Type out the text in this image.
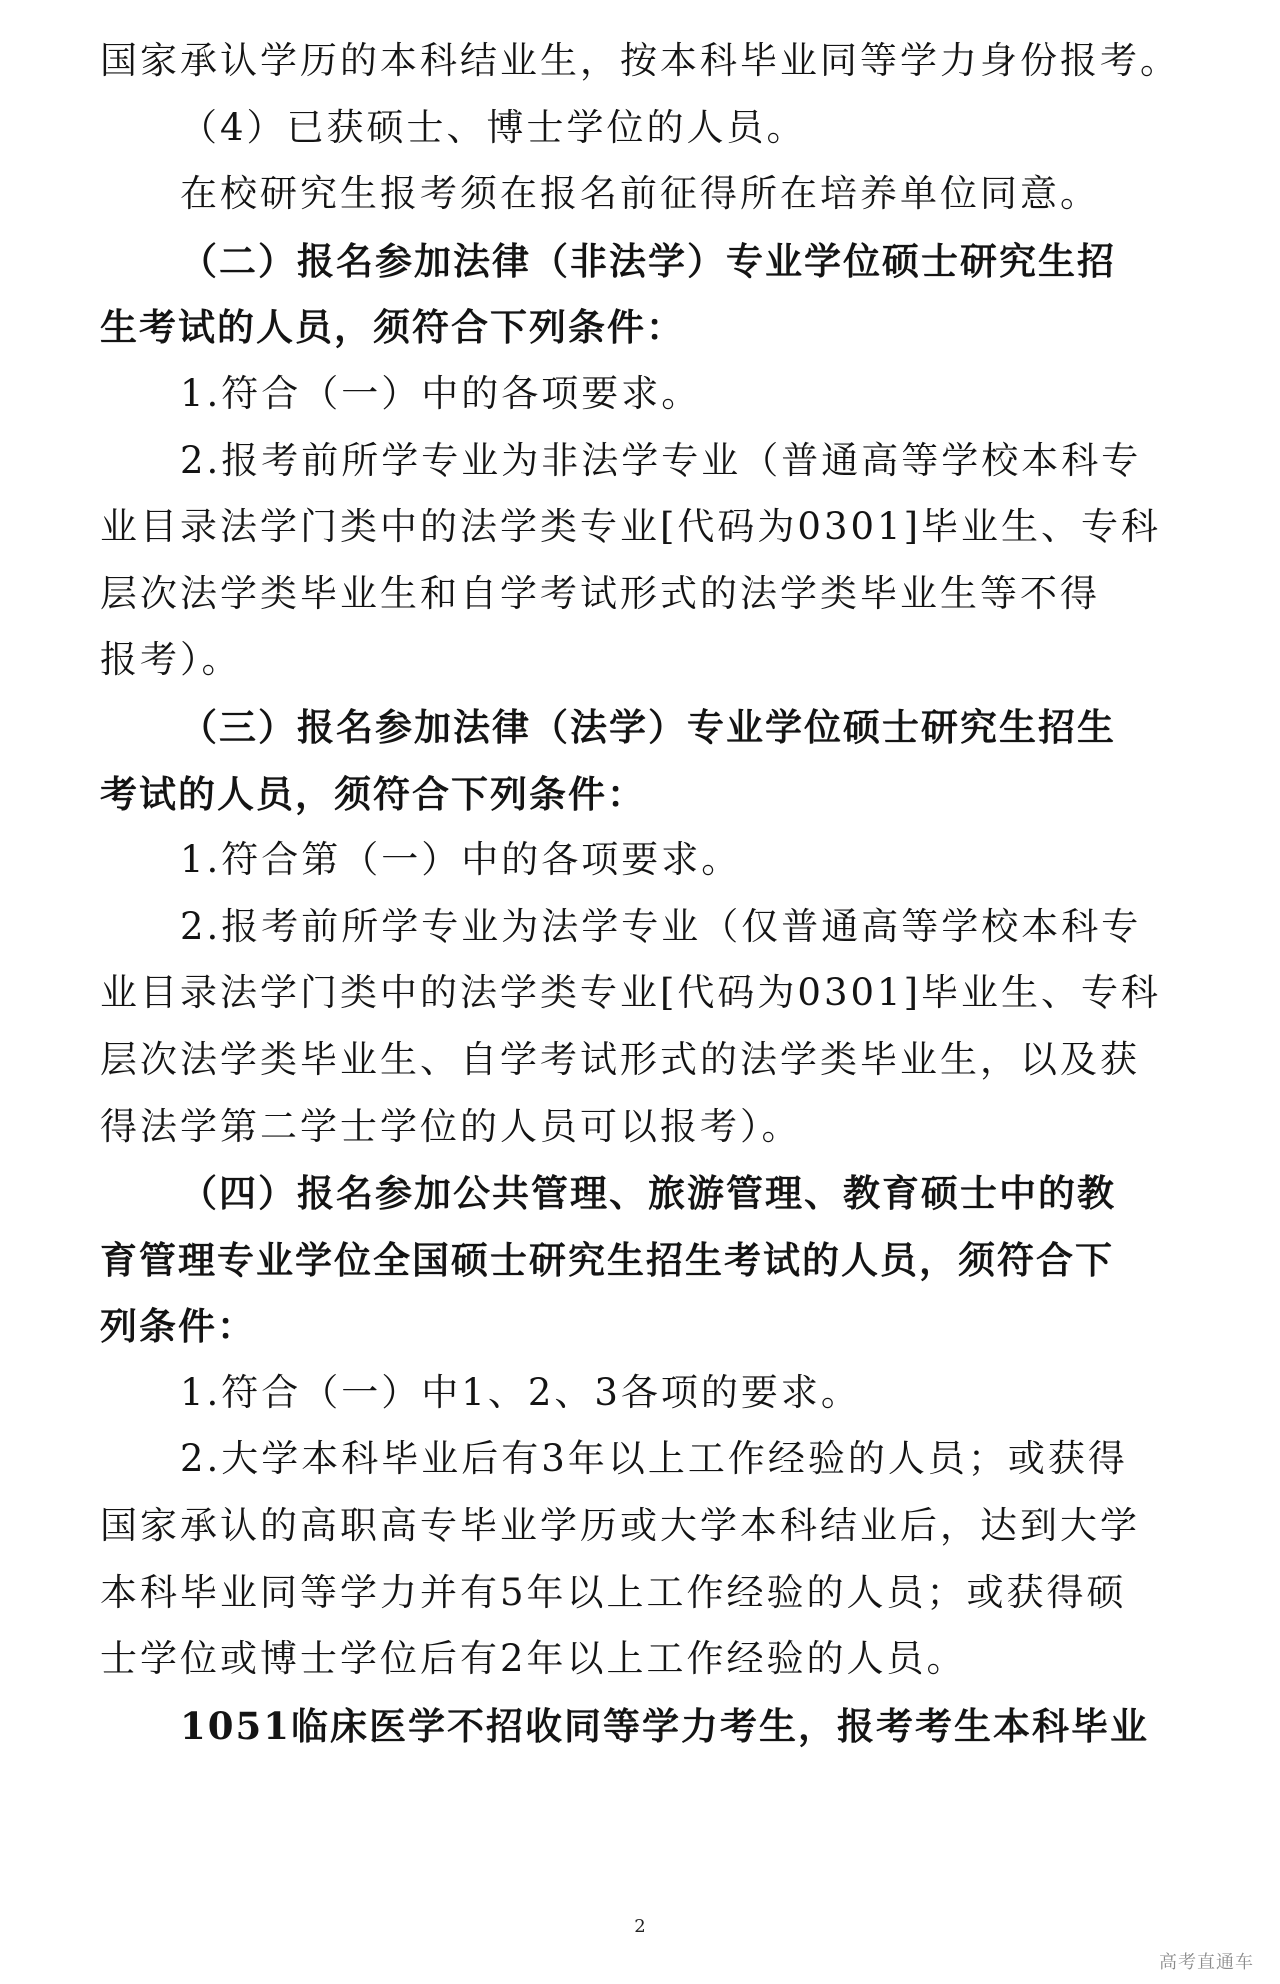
国家承认学历的本科结业生，按本科毕业同等学力身份报考。
（4）已获硕士、博士学位的人员。
在校研究生报考须在报名前征得所在培养单位同意。
（二）报名参加法律（非法学）专业学位硕士研究生招
生考试的人员，须符合下列条件：
1.符合（一）中的各项要求。
2.报考前所学专业为非法学专业（普通高等学校本科专
业目录法学门类中的法学类专业[代码为0301]毕业生、专科
层次法学类毕业生和自学考试形式的法学类毕业生等不得
报考）。
（三）报名参加法律（法学）专业学位硕士研究生招生
考试的人员，须符合下列条件：
1.符合第（一）中的各项要求。
2.报考前所学专业为法学专业（仅普通高等学校本科专
业目录法学门类中的法学类专业[代码为0301]毕业生、专科
层次法学类毕业生、自学考试形式的法学类毕业生，以及获
得法学第二学士学位的人员可以报考）。
（四）报名参加公共管理、旅游管理、教育硕士中的教
育管理专业学位全国硕士研究生招生考试的人员，须符合下
列条件：
1.符合（一）中1、2、3各项的要求。
2.大学本科毕业后有3年以上工作经验的人员；或获得
国家承认的高职高专毕业学历或大学本科结业后，达到大学
本科毕业同等学力并有5年以上工作经验的人员；或获得硕
士学位或博士学位后有2年以上工作经验的人员。
1051临床医学不招收同等学力考生，报考考生本科毕业
2
高考直通车
